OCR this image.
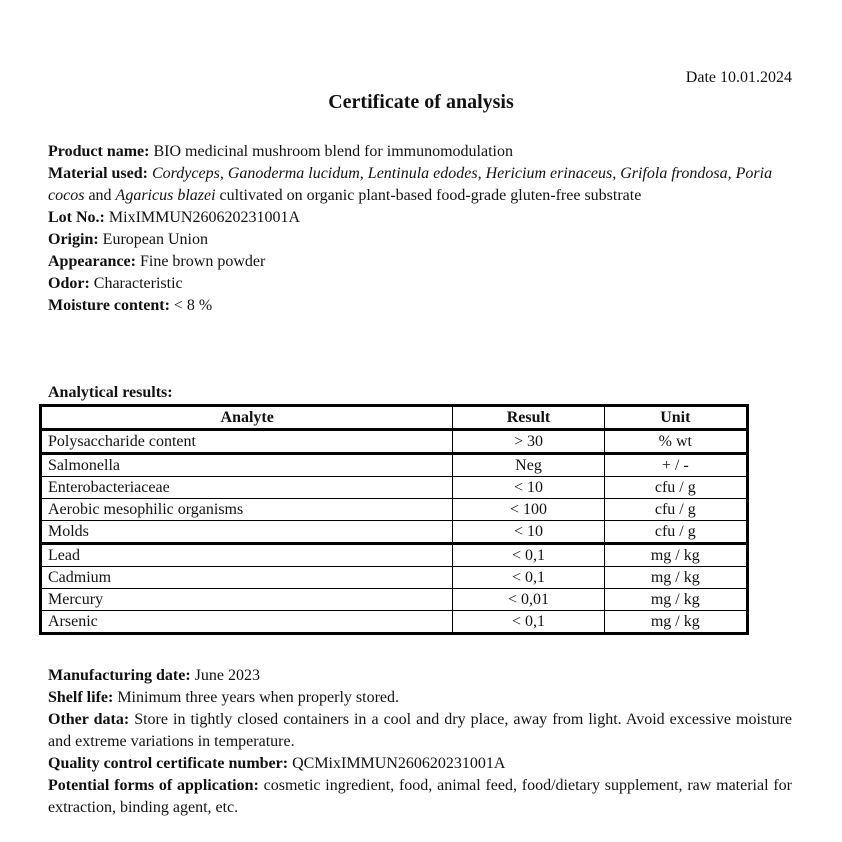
Date 10.01.2024
Certificate of analysis

Product name: BIO medicinal mushroom blend for immunomodulation

Material used: Cordyceps, Ganoderma lucidum, Lentinula edodes, Hericium erinaceus, Grifola frondosa, Poria cocos and Agaricus blazei cultivated on organic plant-based food-grade gluten-free substrate

Lot No.: MixIMMUN260620231001A

Origin: European Union

Appearance: Fine brown powder

Odor: Characteristic

Moisture content: < 8 %

Analytical results:
Analyte	Result	Unit
Polysaccharide content	> 30	% wt
Salmonella	Neg	+ / -
Enterobacteriaceae	< 10	cfu / g
Aerobic mesophilic organisms	< 100	cfu / g
Molds	< 10	cfu / g
Lead	< 0,1	mg / kg
Cadmium	< 0,1	mg / kg
Mercury	< 0,01	mg / kg
Arsenic	< 0,1	mg / kg

Manufacturing date: June 2023

Shelf life: Minimum three years when properly stored.

Other data: Store in tightly closed containers in a cool and dry place, away from light. Avoid excessive moisture and extreme variations in temperature.

Quality control certificate number: QCMixIMMUN260620231001A

Potential forms of application: cosmetic ingredient, food, animal feed, food/dietary supplement, raw material for extraction, binding agent, etc.
